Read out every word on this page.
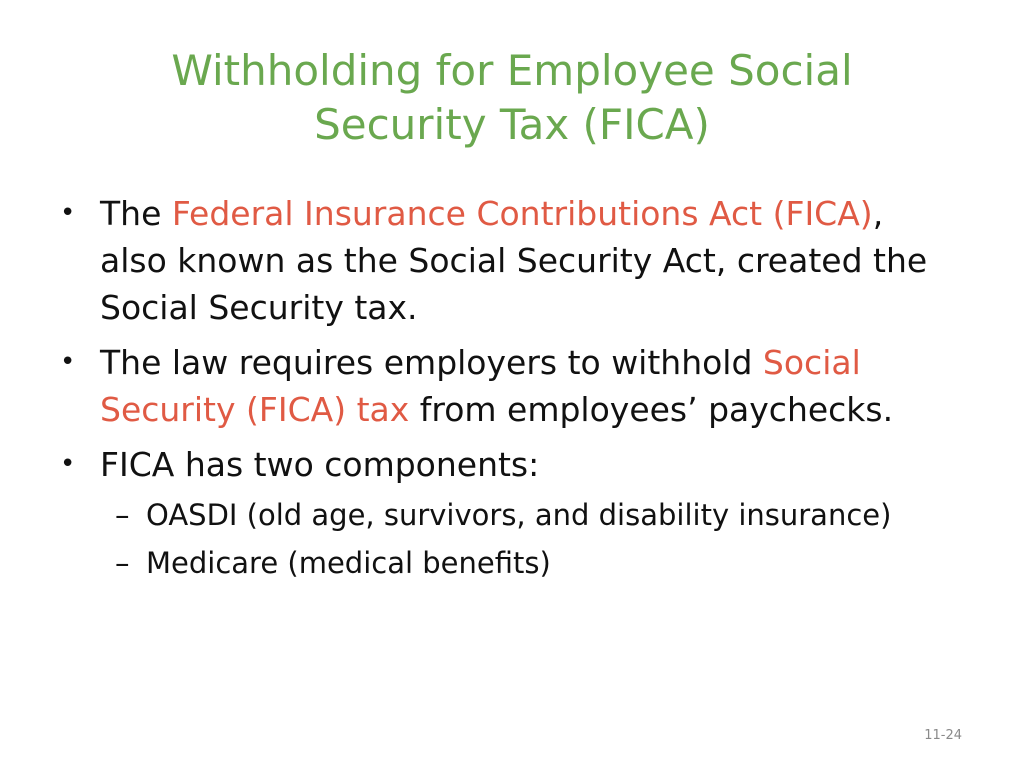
Withholding for Employee Social
Security Tax (FICA)

• The Federal Insurance Contributions Act (FICA), also known as the Social Security Act, created the Social Security tax.

• The law requires employers to withhold Social Security (FICA) tax from employees’ paychecks.

• FICA has two components:

– OASDI (old age, survivors, and disability insurance)

– Medicare (medical benefits)

11-24
